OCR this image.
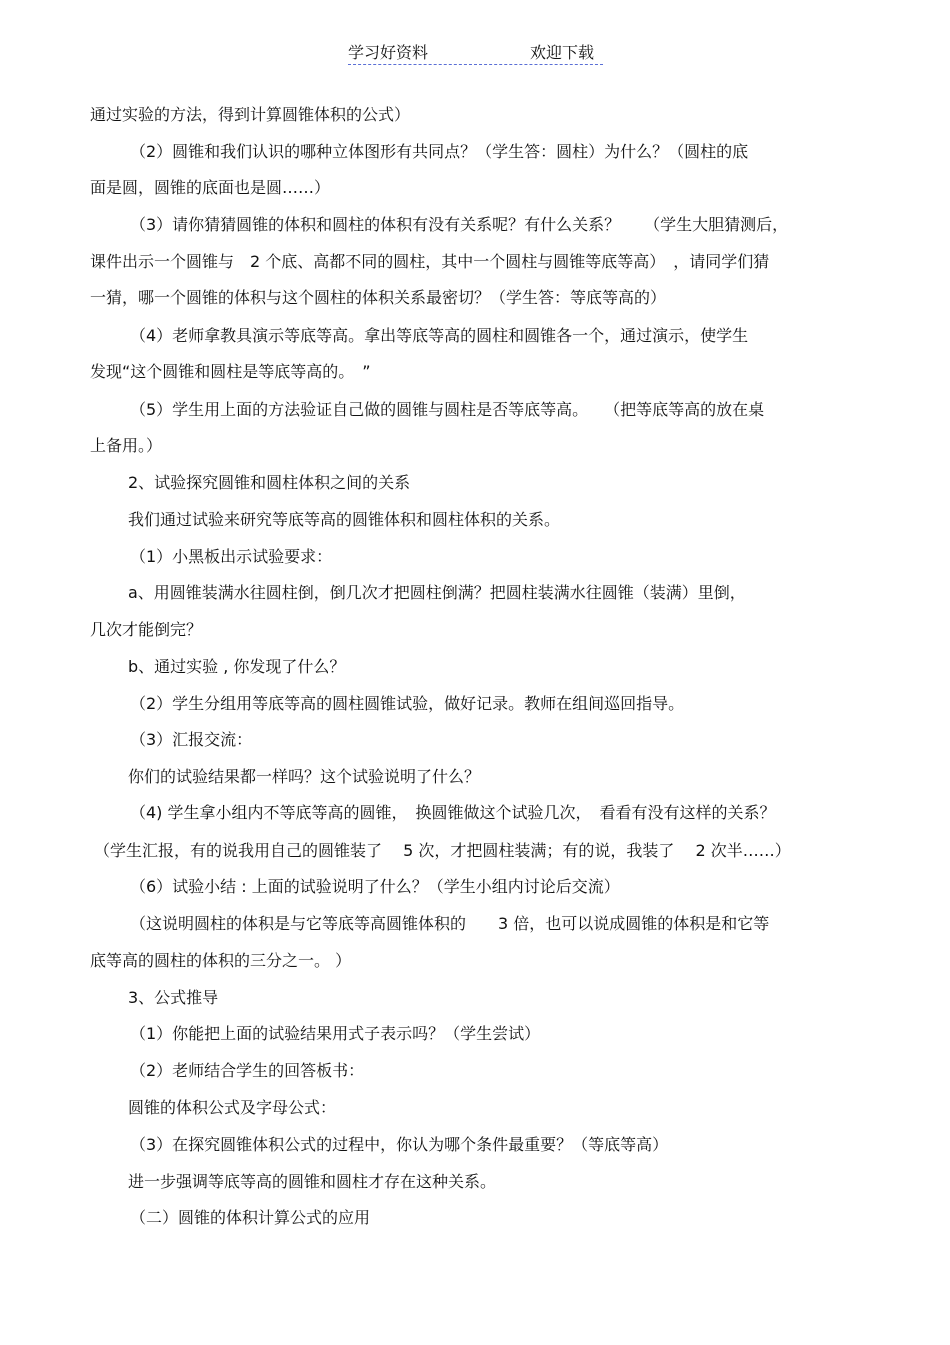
学习好资料	欢迎下载
通过实验的方法，得到计算圆锥体积的公式）
（2）圆锥和我们认识的哪种立体图形有共同点？（学生答：圆柱）为什么？（圆柱的底
面是圆，圆锥的底面也是圆……）
（3）请你猜猜圆锥的体积和圆柱的体积有没有关系呢？有什么关系？　　（学生大胆猜测后，
课件出示一个圆锥与　2 个底、高都不同的圆柱，其中一个圆柱与圆锥等底等高）　，请同学们猜
一猜，哪一个圆锥的体积与这个圆柱的体积关系最密切？（学生答：等底等高的）
（4）老师拿教具演示等底等高。拿出等底等高的圆柱和圆锥各一个，通过演示，使学生
发现“这个圆锥和圆柱是等底等高的。　”
（5）学生用上面的方法验证自己做的圆锥与圆柱是否等底等高。　　（把等底等高的放在桌
上备用。）
2、试验探究圆锥和圆柱体积之间的关系
我们通过试验来研究等底等高的圆锥体积和圆柱体积的关系。
（1）小黑板出示试验要求：
a、用圆锥装满水往圆柱倒，倒几次才把圆柱倒满？把圆柱装满水往圆锥（装满）里倒，
几次才能倒完？
b、通过实验 , 你发现了什么？
（2）学生分组用等底等高的圆柱圆锥试验，做好记录。教师在组间巡回指导。
（3）汇报交流：
你们的试验结果都一样吗？这个试验说明了什么？
（4) 学生拿小组内不等底等高的圆锥，　换圆锥做这个试验几次，　看看有没有这样的关系？
（学生汇报，有的说我用自己的圆锥装了　 5 次，才把圆柱装满；有的说，我装了　 2 次半……）
（6）试验小结 : 上面的试验说明了什么？（学生小组内讨论后交流）
（这说明圆柱的体积是与它等底等高圆锥体积的　　3 倍，也可以说成圆锥的体积是和它等
底等高的圆柱的体积的三分之一。 ）
3、公式推导
（1）你能把上面的试验结果用式子表示吗？（学生尝试）
（2）老师结合学生的回答板书：
圆锥的体积公式及字母公式：
（3）在探究圆锥体积公式的过程中，你认为哪个条件最重要？（等底等高）
进一步强调等底等高的圆锥和圆柱才存在这种关系。
（二）圆锥的体积计算公式的应用
